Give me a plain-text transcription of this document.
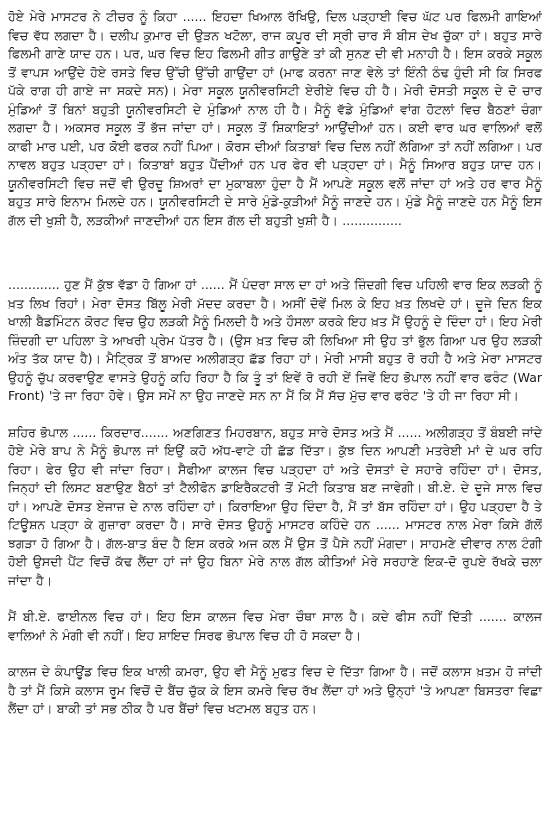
ਹੋਏ ਮੇਰੇ ਮਾਸਟਰ ਨੇ ਟੀਚਰ ਨੂੰ ਕਿਹਾ ...... ਇਹਦਾ ਖਿਆਲ ਰੱਖਿਉ, ਦਿਲ ਪੜ੍ਹਾਈ ਵਿਚ ਘੱਟ ਪਰ ਫਿਲਮੀ ਗਾਇਆਂ ਵਿਚ ਵੱਧ ਲਗਦਾ ਹੈ। ਦਲੀਪ ਕੁਮਾਰ ਦੀ ਉੜਨ ਖਟੋਲਾ, ਰਾਜ ਕਪੂਰ ਦੀ ਸ੍ਰੀ ਚਾਰ ਸੌ ਬੀਸ ਦੇਖ ਚੁੱਕਾ ਹਾਂ। ਬਹੁਤ ਸਾਰੇ ਫਿਲਮੀ ਗਾਣੇ ਯਾਦ ਹਨ। ਪਰ, ਘਰ ਵਿਚ ਇਹ ਫਿਲਮੀ ਗੀਤ ਗਾਉਣੇ ਤਾਂ ਕੀ ਸੁਨਣ ਦੀ ਵੀ ਮਨਾਹੀ ਹੈ। ਇਸ ਕਰਕੇ ਸਕੂਲ ਤੋਂ ਵਾਪਸ ਆਉਂਦੇ ਹੋਏ ਰਸਤੇ ਵਿਚ ਉੱਚੀ ਉੱਚੀ ਗਾਉਂਦਾ ਹਾਂ (ਮਾਫ ਕਰਨਾ ਜਾਣ ਵੇਲੇ ਤਾਂ ਇੰਨੀ ਠੰਢ ਹੁੰਦੀ ਸੀ ਕਿ ਸਿਰਫ ਪੱਕੇ ਰਾਗ ਹੀ ਗਾਏ ਜਾ ਸਕਦੇ ਸਨ)। ਮੇਰਾ ਸਕੂਲ ਯੂਨੀਵਰਸਿਟੀ ਏਰੀਏ ਵਿਚ ਹੀ ਹੈ। ਮੇਰੀ ਦੋਸਤੀ ਸਕੂਲ ਦੇ ਦੋ ਚਾਰ ਮੁੰਡਿਆਂ ਤੋਂ ਬਿਨਾਂ ਬਹੁਤੀ ਯੂਨੀਵਰਸਿਟੀ ਦੇ ਮੁੰਡਿਆਂ ਨਾਲ ਹੀ ਹੈ। ਮੈਨੂੰ ਵੱਡੇ ਮੁੰਡਿਆਂ ਵਾਂਗ ਹੋਟਲਾਂ ਵਿਚ ਬੈਠਣਾਂ ਚੰਗਾ ਲਗਦਾ ਹੈ। ਅਕਸਰ ਸਕੂਲ ਤੋਂ ਭੱਜ ਜਾਂਦਾ ਹਾਂ। ਸਕੂਲ ਤੋਂ ਸ਼ਿਕਾਇਤਾਂ ਆਉਂਦੀਆਂ ਹਨ। ਕਈ ਵਾਰ ਘਰ ਵਾਲਿਆਂ ਵਲੋਂ ਕਾਫੀ ਮਾਰ ਪਈ, ਪਰ ਕੋਈ ਫਰਕ ਨਹੀਂ ਪਿਆ। ਕੋਰਸ ਦੀਆਂ ਕਿਤਾਬਾਂ ਵਿਚ ਦਿਲ ਨਹੀਂ ਲੱਗਿਆ ਤਾਂ ਨਹੀਂ ਲਗਿਆ। ਪਰ ਨਾਵਲ ਬਹੁਤ ਪੜ੍ਹਦਾ ਹਾਂ। ਕਿਤਾਬਾਂ ਬਹੁਤ ਪੈਂਦੀਆਂ ਹਨ ਪਰ ਫੇਰ ਵੀ ਪੜ੍ਹਦਾ ਹਾਂ। ਮੈਨੂੰ ਸਿਆਰ ਬਹੁਤ ਯਾਦ ਹਨ। ਯੂਨੀਵਰਸਿਟੀ ਵਿਚ ਜਦੋਂ ਵੀ ਉਰਦੂ ਸ਼ਿਅਰਾਂ ਦਾ ਮੁਕਾਬਲਾ ਹੁੰਦਾ ਹੈ ਮੈਂ ਆਪਣੇ ਸਕੂਲ ਵਲੋਂ ਜਾਂਦਾ ਹਾਂ ਅਤੇ ਹਰ ਵਾਰ ਮੈਨੂੰ ਬਹੁਤ ਸਾਰੇ ਇਨਾਮ ਮਿਲਦੇ ਹਨ। ਯੂਨੀਵਰਸਿਟੀ ਦੇ ਸਾਰੇ ਮੁੰਡੇ-ਕੁੜੀਆਂ ਮੈਨੂੰ ਜਾਣਦੇ ਹਨ। ਮੁੰਡੇ ਮੈਨੂੰ ਜਾਣਦੇ ਹਨ ਮੈਨੂੰ ਇਸ ਗੱਲ ਦੀ ਖੁਸ਼ੀ ਹੈ, ਲੜਕੀਆਂ ਜਾਣਦੀਆਂ ਹਨ ਇਸ ਗੱਲ ਦੀ ਬਹੁਤੀ ਖੁਸ਼ੀ ਹੈ। ...............

............. ਹੁਣ ਮੈਂ ਕੁੱਝ ਵੱਡਾ ਹੋ ਗਿਆ ਹਾਂ ...... ਮੈਂ ਪੰਦਰਾ ਸਾਲ ਦਾ ਹਾਂ ਅਤੇ ਜ਼ਿੰਦਗੀ ਵਿਚ ਪਹਿਲੀ ਵਾਰ ਇਕ ਲੜਕੀ ਨੂੰ ਖ਼ਤ ਲਿਖ ਰਿਹਾਂ। ਮੇਰਾ ਦੋਸਤ ਬਿੱਲੂ ਮੇਰੀ ਮੱਦਦ ਕਰਦਾ ਹੈ। ਅਸੀਂ ਦੋਵੇਂ ਮਿਲ ਕੇ ਇਹ ਖ਼ਤ ਲਿਖਦੇ ਹਾਂ। ਦੂਜੇ ਦਿਨ ਇਕ ਖਾਲੀ ਬੈਡਮਿੰਟਨ ਕੋਰਟ ਵਿਚ ਉਹ ਲੜਕੀ ਮੈਨੂੰ ਮਿਲਦੀ ਹੈ ਅਤੇ ਹੌਸਲਾ ਕਰਕੇ ਇਹ ਖ਼ਤ ਮੈਂ ਉਹਨੂੰ ਦੇ ਦਿੰਦਾ ਹਾਂ। ਇਹ ਮੇਰੀ ਜ਼ਿੰਦਗੀ ਦਾ ਪਹਿਲਾ ਤੇ ਆਖਰੀ ਪ੍ਰੇਮ ਪੱਤਰ ਹੈ। (ਉਸ ਖ਼ਤ ਵਿਚ ਕੀ ਲਿਖਿਆ ਸੀ ਉਹ ਤਾਂ ਭੁੱਲ ਗਿਆ ਪਰ ਉਹ ਲੜਕੀ ਅੰਤ ਤੱਕ ਯਾਦ ਹੈ)। ਮੈਟ੍ਰਿਕ ਤੋਂ ਬਾਅਦ ਅਲੀਗੜ੍ਹ ਛੱਡ ਰਿਹਾ ਹਾਂ। ਮੇਰੀ ਮਾਸੀ ਬਹੁਤ ਰੋ ਰਹੀ ਹੈ ਅਤੇ ਮੇਰਾ ਮਾਸਟਰ ਉਹਨੂੰ ਚੁੱਪ ਕਰਵਾਉਣ ਵਾਸਤੇ ਉਹਨੂੰ ਕਹਿ ਰਿਹਾ ਹੈ ਕਿ ਤੂੰ ਤਾਂ ਇਵੇਂ ਰੋ ਰਹੀ ਏਂ ਜਿਵੇਂ ਇਹ ਭੋਪਾਲ ਨਹੀਂ ਵਾਰ ਫਰੰਟ (War Front) 'ਤੇ ਜਾ ਰਿਹਾ ਹੋਵੇ। ਉਸ ਸਮੇਂ ਨਾ ਉਹ ਜਾਣਦੇ ਸਨ ਨਾ ਮੈਂ ਕਿ ਮੈਂ ਸੱਚ ਮੁੱਚ ਵਾਰ ਫਰੰਟ 'ਤੇ ਹੀ ਜਾ ਰਿਹਾ ਸੀ।

ਸ਼ਹਿਰ ਭੋਪਾਲ ...... ਕਿਰਦਾਰ....... ਅਣਗਿਣਤ ਮਿਹਰਬਾਨ, ਬਹੁਤ ਸਾਰੇ ਦੋਸਤ ਅਤੇ ਮੈਂ ...... ਅਲੀਗੜ੍ਹ ਤੋਂ ਬੰਬਈ ਜਾਂਦੇ ਹੋਏ ਮੇਰੇ ਬਾਪ ਨੇ ਮੈਨੂੰ ਭੋਪਾਲ ਜਾਂ ਇਉਂ ਕਹੋ ਅੱਧ-ਵਾਟੇ ਹੀ ਛੱਡ ਦਿੱਤਾ। ਕੁੱਝ ਦਿਨ ਆਪਣੀ ਮਤਰੇਈ ਮਾਂ ਦੇ ਘਰ ਰਹਿ ਰਿਹਾ। ਫੇਰ ਉਹ ਵੀ ਜਾਂਦਾ ਰਿਹਾ। ਸੈਫੀਆ ਕਾਲਜ ਵਿਚ ਪੜ੍ਹਦਾ ਹਾਂ ਅਤੇ ਦੋਸਤਾਂ ਦੇ ਸਹਾਰੇ ਰਹਿੰਦਾ ਹਾਂ। ਦੋਸਤ, ਜਿਨ੍ਹਾਂ ਦੀ ਲਿਸਟ ਬਣਾਉਣ ਬੈਠਾਂ ਤਾਂ ਟੈਲੀਫੋਨ ਡਾਇਰੈਕਟਰੀ ਤੋਂ ਮੋਟੀ ਕਿਤਾਬ ਬਣ ਜਾਵੇਗੀ। ਬੀ.ਏ. ਦੇ ਦੂਜੇ ਸਾਲ ਵਿਚ ਹਾਂ। ਆਪਣੇ ਦੋਸਤ ਏਜਾਜ਼ ਦੇ ਨਾਲ ਰਹਿੰਦਾ ਹਾਂ। ਕਿਰਾਇਆ ਉਹ ਦਿੰਦਾ ਹੈ, ਮੈਂ ਤਾਂ ਬੱਸ ਰਹਿੰਦਾ ਹਾਂ। ਉਹ ਪੜ੍ਹਦਾ ਹੈ ਤੇ ਟਿਊਸ਼ਨ ਪੜ੍ਹਾ ਕੇ ਗੁਜ਼ਾਰਾ ਕਰਦਾ ਹੈ। ਸਾਰੇ ਦੋਸਤ ਉਹਨੂੰ ਮਾਸਟਰ ਕਹਿੰਦੇ ਹਨ ...... ਮਾਸਟਰ ਨਾਲ ਮੇਰਾ ਕਿਸੇ ਗੱਲੋਂ ਝਗੜਾ ਹੋ ਗਿਆ ਹੈ। ਗੱਲ-ਬਾਤ ਬੰਦ ਹੈ ਇਸ ਕਰਕੇ ਅਜ ਕਲ ਮੈਂ ਉਸ ਤੋਂ ਪੈਸੇ ਨਹੀਂ ਮੰਗਦਾ। ਸਾਹਮਣੇ ਦੀਵਾਰ ਨਾਲ ਟੰਗੀ ਹੋਈ ਉਸਦੀ ਪੈਂਟ ਵਿਚੋਂ ਕੱਢ ਲੈਂਦਾ ਹਾਂ ਜਾਂ ਉਹ ਬਿਨਾ ਮੇਰੇ ਨਾਲ ਗੱਲ ਕੀਤਿਆਂ ਮੇਰੇ ਸਰਹਾਣੇ ਇਕ-ਦੋ ਰੁਪਏ ਰੱਖਕੇ ਚਲਾ ਜਾਂਦਾ ਹੈ।

ਮੈਂ ਬੀ.ਏ. ਫਾਈਨਲ ਵਿਚ ਹਾਂ। ਇਹ ਇਸ ਕਾਲਜ ਵਿਚ ਮੇਰਾ ਚੌਥਾ ਸਾਲ ਹੈ। ਕਦੇ ਫੀਸ ਨਹੀਂ ਦਿੱਤੀ ....... ਕਾਲਜ ਵਾਲਿਆਂ ਨੇ ਮੰਗੀ ਵੀ ਨਹੀਂ। ਇਹ ਸ਼ਾਇਦ ਸਿਰਫ ਭੋਪਾਲ ਵਿਚ ਹੀ ਹੋ ਸਕਦਾ ਹੈ।

ਕਾਲਜ ਦੇ ਕੰਪਾਊਂਡ ਵਿਚ ਇਕ ਖਾਲੀ ਕਮਰਾ, ਉਹ ਵੀ ਮੈਨੂੰ ਮੁਫਤ ਵਿਚ ਦੇ ਦਿੱਤਾ ਗਿਆ ਹੈ। ਜਦੋਂ ਕਲਾਸ ਖ਼ਤਮ ਹੋ ਜਾਂਦੀ ਹੈ ਤਾਂ ਮੈਂ ਕਿਸੇ ਕਲਾਸ ਰੂਮ ਵਿਚੋਂ ਦੋ ਬੈਂਚ ਚੁੱਕ ਕੇ ਇਸ ਕਮਰੇ ਵਿਚ ਰੱਖ ਲੈਂਦਾ ਹਾਂ ਅਤੇ ਉਨ੍ਹਾਂ 'ਤੇ ਆਪਣਾ ਬਿਸਤਰਾ ਵਿਛਾ ਲੈਂਦਾ ਹਾਂ। ਬਾਕੀ ਤਾਂ ਸਭ ਠੀਕ ਹੈ ਪਰ ਬੈਂਚਾਂ ਵਿਚ ਖਟਮਲ ਬਹੁਤ ਹਨ।
